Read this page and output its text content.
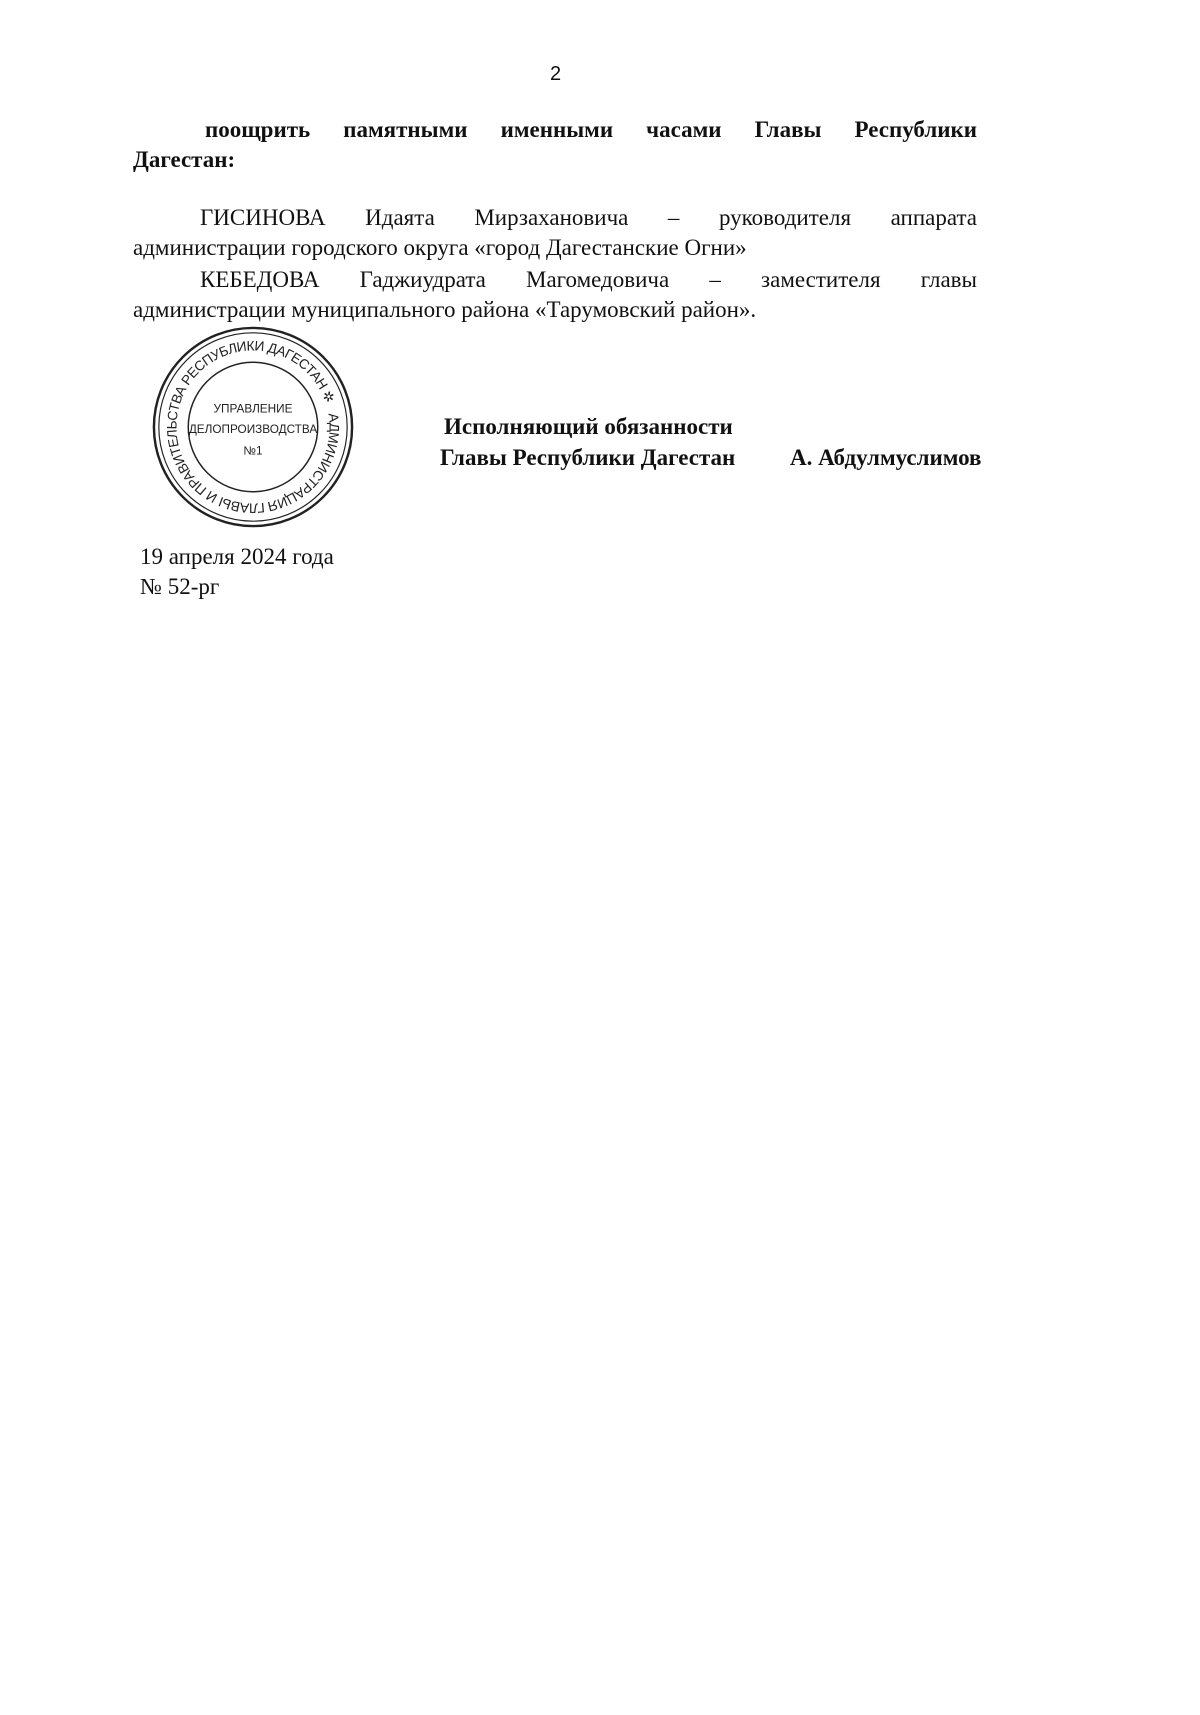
2
поощрить памятными именными часами Главы Республики
Дагестан:
ГИСИНОВА Идаята Мирзахановича – руководителя аппарата
администрации городского округа «город Дагестанские Огни»
КЕБЕДОВА Гаджиудрата Магомедовича – заместителя главы
администрации муниципального района «Тарумовский район».
АДМИНИСТРАЦИЯ ГЛАВЫ И ПРАВИТЕЛЬСТВА РЕСПУБЛИКИ ДАГЕСТАН ✲
УПРАВЛЕНИЕ
ДЕЛОПРОИЗВОДСТВА
№1
Исполняющий обязанности
Главы Республики Дагестан А. Абдулмуслимов
19 апреля 2024 года
№ 52-рг
